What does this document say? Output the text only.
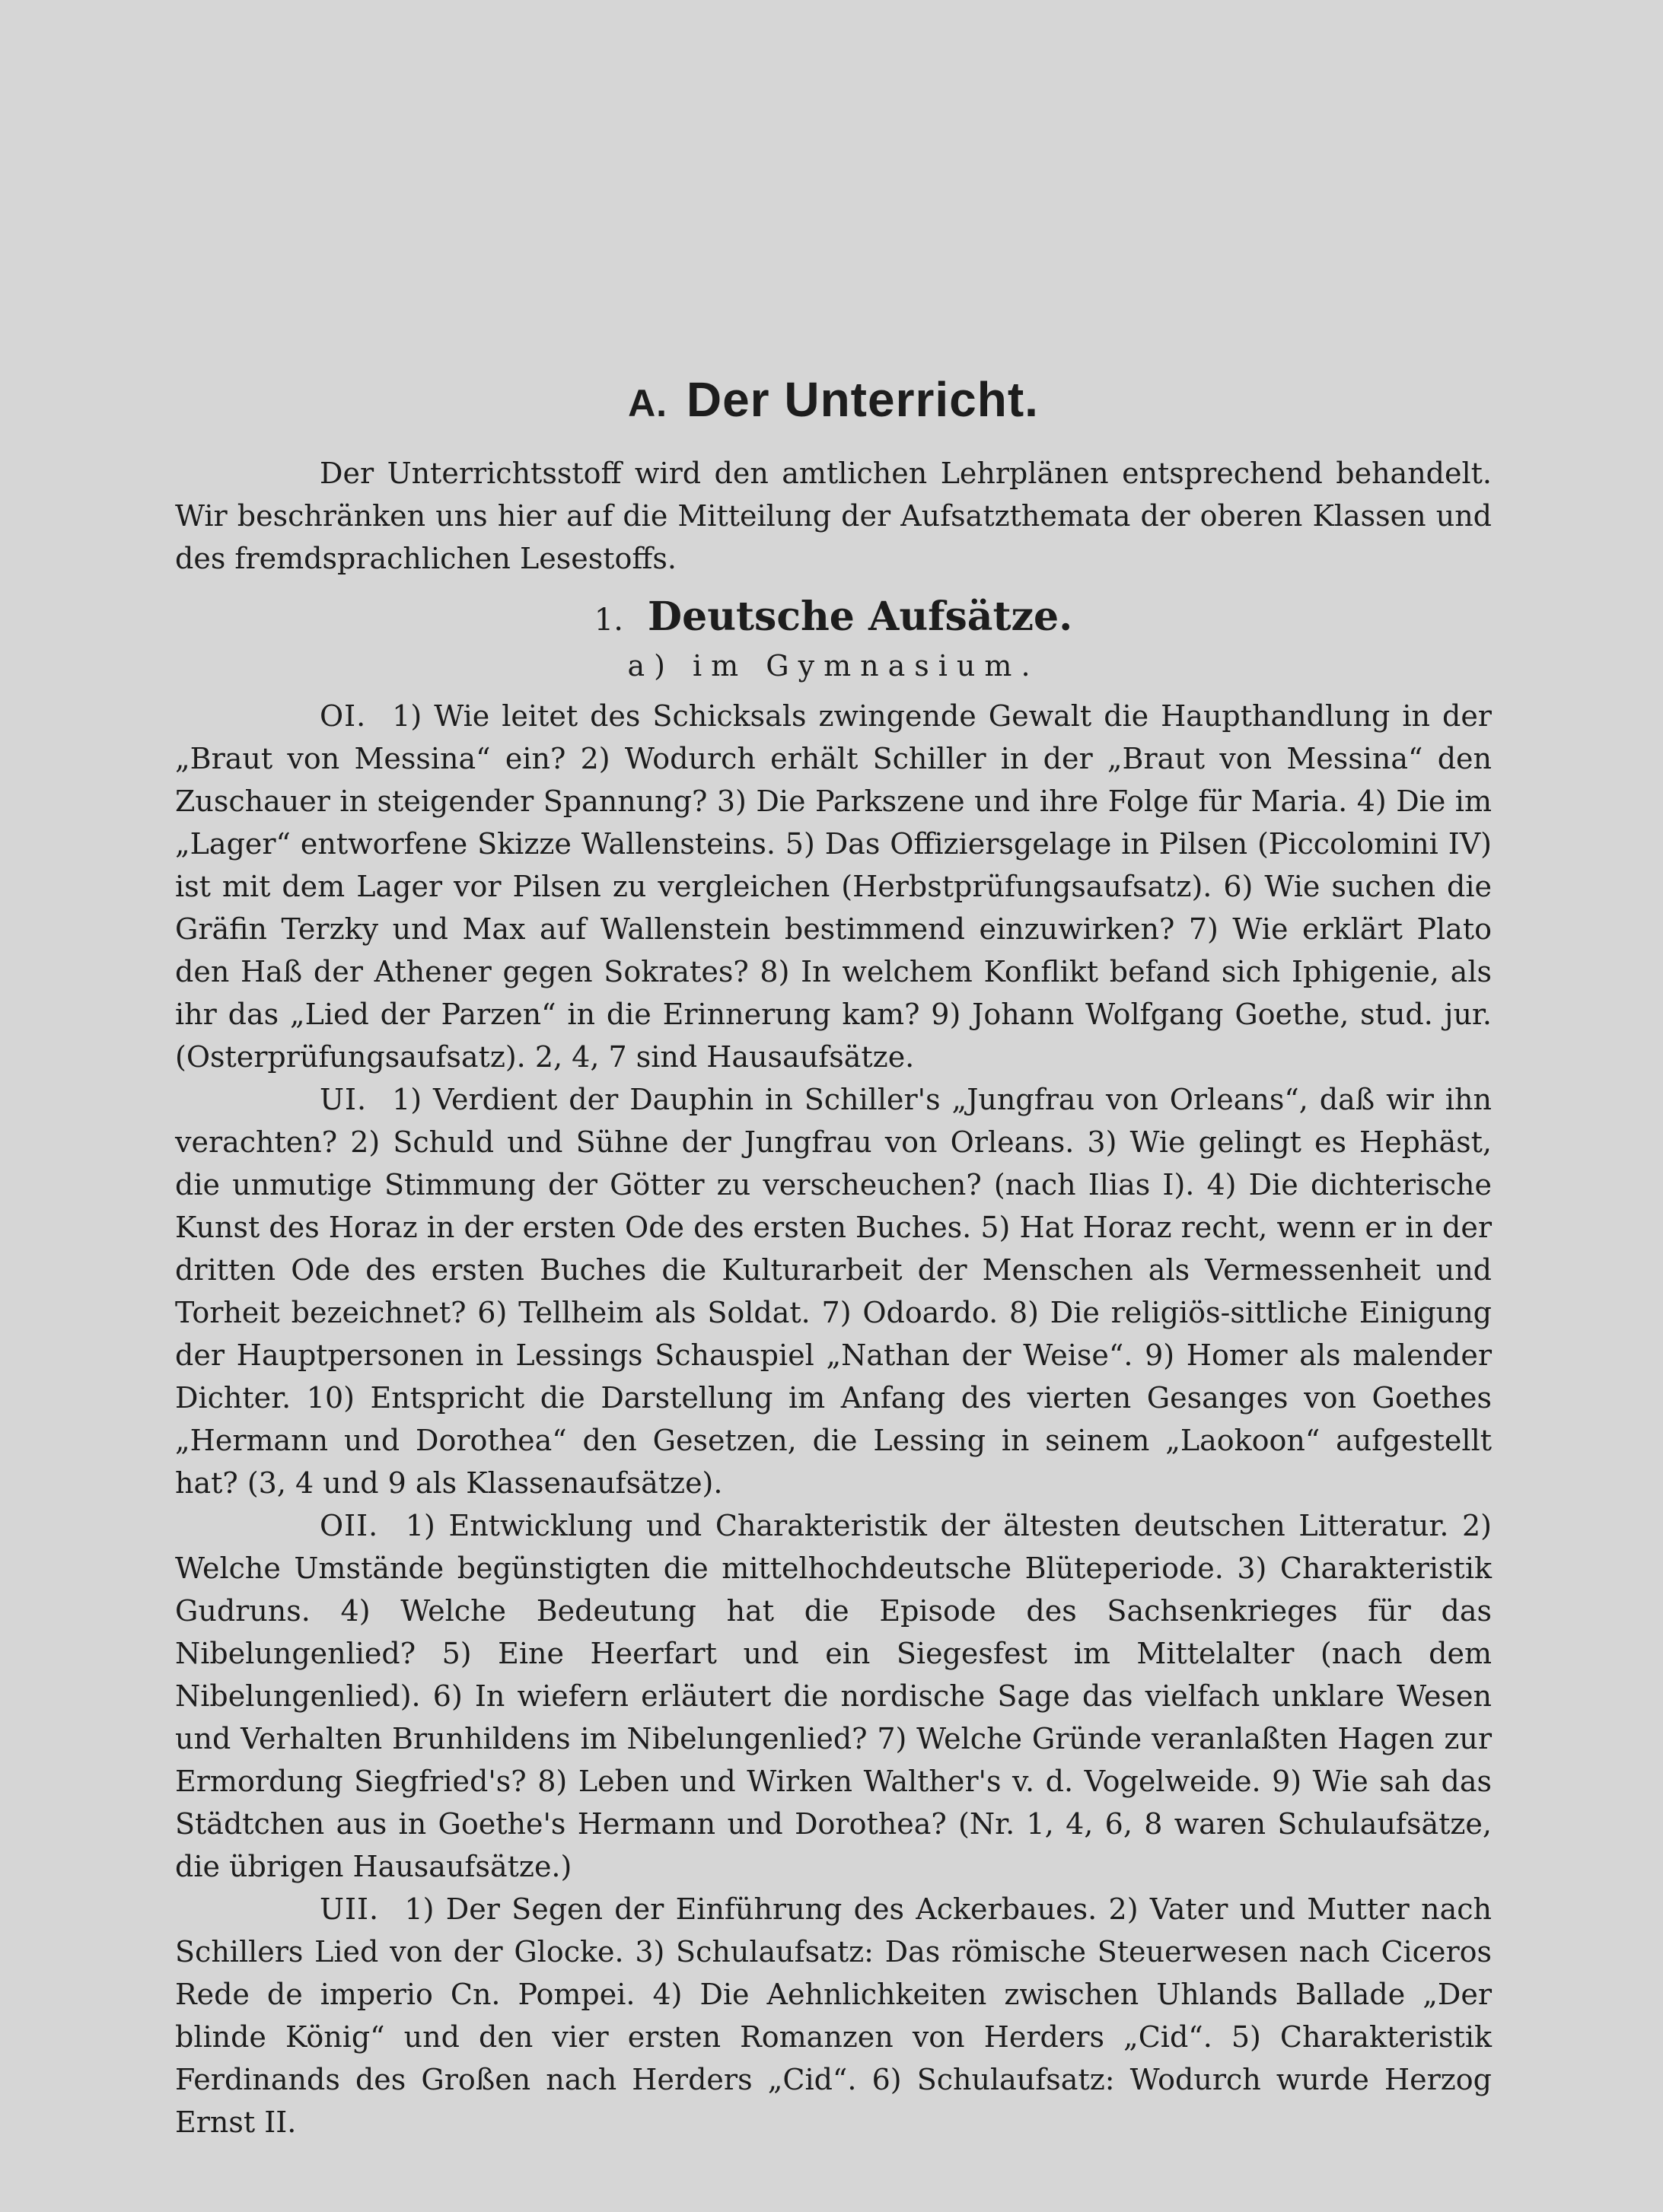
A. Der Unterricht.

Der Unterrichtsstoff wird den amtlichen Lehrplänen entsprechend behandelt. Wir beschränken uns hier auf die Mitteilung der Aufsatzthemata der oberen Klassen und des fremdsprachlichen Lesestoffs.

1. Deutsche Aufsätze.
a) im Gymnasium.

OI. 1) Wie leitet des Schicksals zwingende Gewalt die Haupthandlung in der „Braut von Messina“ ein? 2) Wodurch erhält Schiller in der „Braut von Messina“ den Zuschauer in steigender Spannung? 3) Die Parkszene und ihre Folge für Maria. 4) Die im „Lager“ entworfene Skizze Wallensteins. 5) Das Offiziersgelage in Pilsen (Piccolomini IV) ist mit dem Lager vor Pilsen zu vergleichen (Herbstprüfungsaufsatz). 6) Wie suchen die Gräfin Terzky und Max auf Wallenstein bestimmend einzuwirken? 7) Wie erklärt Plato den Haß der Athener gegen Sokrates? 8) In welchem Konflikt befand sich Iphigenie, als ihr das „Lied der Parzen“ in die Erinnerung kam? 9) Johann Wolfgang Goethe, stud. jur. (Osterprüfungsaufsatz). 2, 4, 7 sind Hausaufsätze.

UI. 1) Verdient der Dauphin in Schiller's „Jungfrau von Orleans“, daß wir ihn verachten? 2) Schuld und Sühne der Jungfrau von Orleans. 3) Wie gelingt es Hephäst, die unmutige Stimmung der Götter zu verscheuchen? (nach Ilias I). 4) Die dichterische Kunst des Horaz in der ersten Ode des ersten Buches. 5) Hat Horaz recht, wenn er in der dritten Ode des ersten Buches die Kulturarbeit der Menschen als Vermessenheit und Torheit bezeichnet? 6) Tellheim als Soldat. 7) Odoardo. 8) Die religiös-sittliche Einigung der Hauptpersonen in Lessings Schauspiel „Nathan der Weise“. 9) Homer als malender Dichter. 10) Entspricht die Darstellung im Anfang des vierten Gesanges von Goethes „Hermann und Dorothea“ den Gesetzen, die Lessing in seinem „Laokoon“ aufgestellt hat? (3, 4 und 9 als Klassenaufsätze).

OII. 1) Entwicklung und Charakteristik der ältesten deutschen Litteratur. 2) Welche Umstände begünstigten die mittelhochdeutsche Blüteperiode. 3) Charakteristik Gudruns. 4) Welche Bedeutung hat die Episode des Sachsenkrieges für das Nibelungenlied? 5) Eine Heerfart und ein Siegesfest im Mittelalter (nach dem Nibelungenlied). 6) In wiefern erläutert die nordische Sage das vielfach unklare Wesen und Verhalten Brunhildens im Nibelungenlied? 7) Welche Gründe veranlaßten Hagen zur Ermordung Siegfried's? 8) Leben und Wirken Walther's v. d. Vogelweide. 9) Wie sah das Städtchen aus in Goethe's Hermann und Dorothea? (Nr. 1, 4, 6, 8 waren Schulaufsätze, die übrigen Hausaufsätze.)

UII. 1) Der Segen der Einführung des Ackerbaues. 2) Vater und Mutter nach Schillers Lied von der Glocke. 3) Schulaufsatz: Das römische Steuerwesen nach Ciceros Rede de imperio Cn. Pompei. 4) Die Aehnlichkeiten zwischen Uhlands Ballade „Der blinde König“ und den vier ersten Romanzen von Herders „Cid“. 5) Charakteristik Ferdinands des Großen nach Herders „Cid“. 6) Schulaufsatz: Wodurch wurde Herzog Ernst II.
